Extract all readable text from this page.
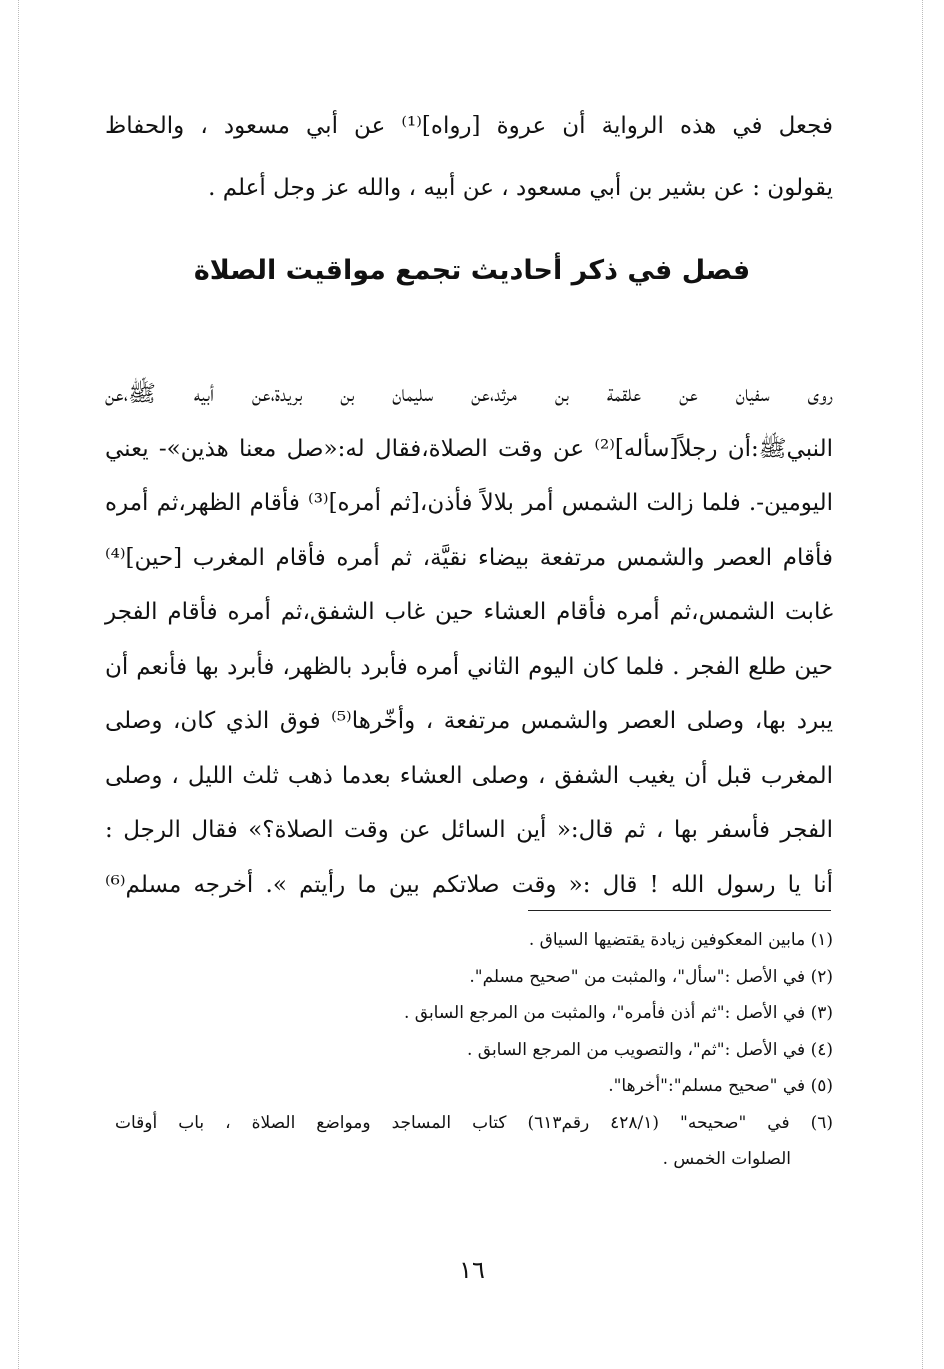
فجعل في هذه الرواية أن عروة [رواه]⁽¹⁾ عن أبي مسعود ، والحفاظ
يقولون : عن بشير بن أبي مسعود ، عن أبيه ، والله عز وجل أعلم .
فصل في ذكر أحاديث تجمع مواقيت الصلاة
روى سفيان عن علقمة بن مرثد،عن سليمان بن بريدة،عن أبيه ﷺ،عن
النبيﷺ:أن رجلاً[سأله]⁽²⁾ عن وقت الصلاة،فقال له:«صل معنا هذين»- يعني
اليومين-. فلما زالت الشمس أمر بلالاً فأذن،[ثم أمره]⁽³⁾ فأقام الظهر،ثم أمره
فأقام العصر والشمس مرتفعة بيضاء نقيَّة، ثم أمره فأقام المغرب [حين]⁽⁴⁾
غابت الشمس،ثم أمره فأقام العشاء حين غاب الشفق،ثم أمره فأقام الفجر
حين طلع الفجر . فلما كان اليوم الثاني أمره فأبرد بالظهر، فأبرد بها فأنعم أن
يبرد بها، وصلى العصر والشمس مرتفعة ، وأخّرها⁽⁵⁾ فوق الذي كان، وصلى
المغرب قبل أن يغيب الشفق ، وصلى العشاء بعدما ذهب ثلث الليل ، وصلى
الفجر فأسفر بها ، ثم قال:« أين السائل عن وقت الصلاة؟» فقال الرجل :
أنا يا رسول الله ! قال :« وقت صلاتكم بين ما رأيتم ». أخرجه مسلم⁽⁶⁾
(١) مابين المعكوفين زيادة يقتضيها السياق .
(٢) في الأصل :"سأل"، والمثبت من "صحيح مسلم".
(٣) في الأصل :"ثم أذن فأمره"، والمثبت من المرجع السابق .
(٤) في الأصل :"ثم"، والتصويب من المرجع السابق .
(٥) في "صحيح مسلم":"أخرها".
(٦) في "صحيحه" (٤٢٨/١ رقم٦١٣) كتاب المساجد ومواضع الصلاة ، باب أوقات
الصلوات الخمس .
١٦
